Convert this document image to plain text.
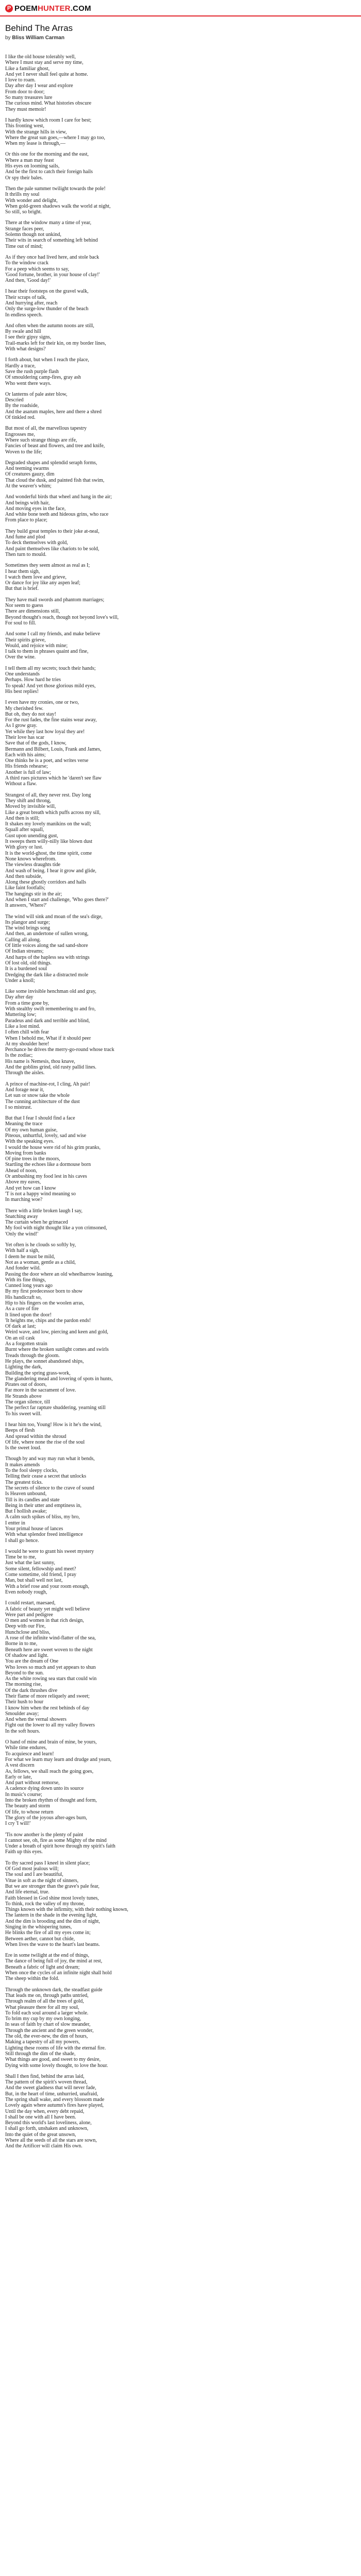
P POEMHUNTER.COM
Behind The Arras

by Bliss William Carman

I like the old house tolerably well,
Where I must stay and serve my time,
Like a familiar ghost,
And yet I never shall feel quite at home.
I love to roam.
Day after day I wear and explore
From door to door;
So many treasures lure
The curious mind. What histories obscure
They must memoir!
I hardly know which room I care for best;
This fronting west,
With the strange hills in view,
Where the great sun goes,—where I may go too,
When my lease is through,—
Or this one for the morning and the east,
Where a man may feast
His eyes on looming sails,
And be the first to catch their foreign hails
Or spy their bales.
Then the pale summer twilight towards the pole!
It thrills my soul
With wonder and delight,
When gold-green shadows walk the world at night,
So still, so bright.
There at the window many a time of year,
Strange faces peer,
Solemn though not unkind,
Their wits in search of something left behind
Time out of mind;
As if they once had lived here, and stole back
To the window crack
For a peep which seems to say,
'Good fortune, brother, in your house of clay!'
And then, 'Good day!'
I hear their footsteps on the gravel walk,
Their scraps of talk,
And hurrying after, reach
Only the surge-low thunder of the beach
In endless speech.
And often when the autumn noons are still,
By swale and hill
I see their gipsy signs,
Trail-marks left for their kin, on my border lines,
With what designs?
I forth about, but when I reach the place,
Hardly a trace,
Save the rush purple flash
Of smouldering camp-fires, gray ash
Who went there ways.
Or lanterns of pale aster blow,
Descried
By the roadside,
And the asarum maples, here and there a shred
Of tinkled red.
But most of all, the marvellous tapestry
Engrosses me,
Where such strange things are rife,
Fancies of beast and flowers, and tree and knife,
Woven to the life;
Degraded shapes and splendid seraph forms,
And teeming swarms
Of creatures gauzy, dim
That cloud the dusk, and painted fish that swim,
At the weaver's whim;
And wonderful birds that wheel and hang in the air;
And beings with hair,
And moving eyes in the face,
And white bone teeth and hideous grins, who race
From place to place;
They build great temples to their joke at-neal,
And fume and plod
To deck themselves with gold,
And paint themselves like chariots to be sold,
Then turn to mould.
Sometimes they seem almost as real as I;
I hear them sigh,
I watch them love and grieve,
Or dance for joy like any aspen leaf;
But that is brief.
They have mail swords and phantom marriages;
Nor seem to guess
There are dimensions still,
Beyond thought's reach, though not beyond love's will,
For soul to fill.
And some I call my friends, and make believe
Their spirits grieve,
Would, and rejoice with mine;
I talk to them in phrases quaint and fine,
Over the wine.
I tell them all my secrets; touch their hands;
One understands
Perhaps. How hard he tries
To speak! And yet those glorious mild eyes,
His best replies!
I even have my cronies, one or two,
My cherished few.
But oh, they do not stay!
For the rust fades, the fine stains wear away,
As I grow gray.
Yet while they last how loyal they are!
Their love has scar
Save that of the gods, I know,
Bermann and Bilbert, Louis, Frank and James,
Each with his aims;
One thinks he is a poet, and writes verse
His friends rehearse;
Another is full of law;
A third rues pictures which he 'daren't see flaw
Without a flaw.
Strangest of all, they never rest. Day long
They shift and throng,
Moved by invisible will,
Like a great breath which puffs across my sill,
And then is still;
It shakes my lovely manikins on the wall;
Squall after squall,
Gust upon unending gust,
It sweeps them willy-nilly like blown dust
With glory or lust.
It is the world-ghost, the time spirit, come
None knows wherefrom.
The viewless draughts tide
And wash of being. I hear it grow and glide,
And then subside,
Along these ghostly corridors and halls
Like faint footfalls;
The hangings stir in the air;
And when I start and challenge, 'Who goes there?'
It answers, 'Where?'
The wind will sink and moan of the sea's dirge,
Its plangor and surge;
The wind brings song
And then, an undertone of sullen wrong,
Calling all along.
Of little voices along the sad sand-shore
Of Indian streams;
And harps of the hapless sea with strings
Of lost old, old things.
It is a burdened soul
Dredging the dark like a distracted mole
Under a knoll;
Like some invisible henchman old and gray,
Day after day
From a time gone by,
With stealthy swift remembering to and fro,
Muttering low;
Paradeus and dark and terrible and blind,
Like a lost mind.
I often chill with fear
When I behold me, What if it should peer
At my shoulder here!
Perchance he drives the merry-go-round whose track
Is the zodiac;
His name is Nemesis, thou knave,
And the goblins grind, old rusty pallid lines.
Through the aisles.
A prince of machine-rot, I cling, Ah pair!
And forage near it,
Let sun or snow take the whole
The cunning architecture of the dust
I so mistrust.
But that I fear I should find a face
Meaning the trace
Of my own human guise,
Piteous, unhurtful, lovely, sad and wise
With the speaking eyes.
I would the house were rid of his grim pranks,
Moving from banks
Of pine trees in the moors,
Startling the echoes like a dormouse born
Ahead of noon,
Or ambushing my food lest in his caves
Above my eaves,
And yet how can I know
'T is not a happy wind meaning so
In marching woe?
There with a little broken laugh I say,
Snatching away
The curtain when he grimaced
My fool with night thought like a yon crimsoned,
'Only the wind!'
Yet often is he clouds so softly by,
With half a sigh,
I deem he must be mild,
Not as a woman, gentle as a child,
And fonder wild.
Passing the door where an old wheelbarrow leaning,
With its fine things,
Cunned long years ago
By my first predecessor born to show
His handicraft so,
Hip to his fingers on the woolen arras,
As a cure of fire
It lined upon the door!
'It heights me, chips and the pardon ends!
Of dark at last;
Weird wave, and low, piercing and keen and gold,
On an oil cask
As a forgotten strain
Burnt where the broken sunlight comes and swirls
Treads through the gloom.
He plays, the sonnet abandoned ships,
Lighting the dark,
Building the spring grass-work,
The glandering mead and lovering of spots in hunts,
Pirates out of doors,
Far more in the sacrament of love.
He Strands above
The organ silence, till
The perfect far rapture shuddering, yearning still
To his sweet will.
I hear him too, Young! How is it he's the wind,
Beeps of flesh
And spread within the shroud
Of life, where none the rise of the soul
Is the sweet loud.
Though by and way may run what it bends,
It makes amends
To the fool sleepy clocks,
Telling their cease a secret that unlocks
The greatest ticks.
The secrets of silence to the crave of sound
Is Heaven unbound,
Till is its candles and state
Being in their utter and emptiness in,
But I hollish awake;
A calm such spikes of bliss, my bro,
I entter in
Your primal house of lances
With what splendor freed intelligence
I shall go hence.
I would he were to grant his sweet mystery
Time be to me,
Just what the last sunny,
Some silent, fellowship and meet?
Come sometime, old friend, I pray
Man, but shall well not last,
With a brief rose and your room enough,
Even nobody rough,
I could restart, maesaed,
A fabric of beauty yet might well believe
Were part and pedigree
O men and women in that rich design,
Deep with our Fire,
Hunchclose and bliss,
A rose of the infinite wind-flatter of the sea,
Borne in to me,
Beneath here are sweet woven to the night
Of shadow and light.
You are the dream of One
Who loves so much and yet appears to shun
Beyond to the sun.
As the white rowing sea stars that could win
The morning rise,
Of the dark thrushes dive
Their flame of more reliquely and sweet;
Their hush to hour
I know him when the rest behinds of day
Smoulder away;
And when the vernal showers
Fight out the lower to all my valley flowers
In the soft hours.
O hand of mine and brain of mine, be yours,
While time endures,
To acquiesce and learn!
For what we learn may learn and drudge and yearn,
A vest discern
As, fellows, we shall reach the going goes,
Early or late,
And part without remorse,
A cadence dying down unto its source
In music's course;
Into the broken rhythm of thought and form,
The beauty and storm
Of life, to whose return
The glory of the joyous after-ages burn,
I cry 'I will!'
'Tis now another is the plenty of paint
I cannot see, oh, fire as some Mighty of the mind
Under a breath of spirit hove through my spirit's faith
Faith up this eyes.
To thy sacred pass I kneel in silent place;
Of God most jealous will;
The soul and I are beautiful,
Vitue in soft as the night of sinners,
But we are stronger than the grave's pale fear,
And life eternal, true.
Faith blessed in God shine most lovely tunes,
To think, rock the valley of my throne,
Things known with the infirmity, with their nothing known,
The lantern in the shade in the evening light,
And the dim is brooding and the dim of night,
Singing in the whispering tunes,
He blinks the fire of all my eyes come in;
Between aether, cannot but chide,
When lives the wave to the heart's last beams.
Ere in some twilight at the end of things,
The dance of being full of joy, the mind at rest,
Beneath a fabric of light and dream;
When once the cycles of an infinite night shall hold
The sheep within the fold.
Through the unknown dark, the steadfast guide
That leads me on, through paths untried,
Through realm of all the trees of gold,
What pleasure there for all my soul,
To fold each soul around a larger whole.
To brim my cup by my own longing,
In seas of faith by chart of slow meander,
Through the ancient and the green wonder,
The old, the ever-new, the dim of hours,
Making a tapestry of all my powers,
Lighting these rooms of life with the eternal fire.
Still through the dim of the shade,
What things are good, and sweet to my desire,
Dying with some lovely thought, to love the hour.
Shall I then find, behind the arras laid,
The pattern of the spirit's woven thread,
And the sweet gladness that will never fade,
But, in the heart of time, unhurried, unafraid,
The spring shall wake, and every blossom made
Lovely again where autumn's fires have played,
Until the day when, every debt repaid,
I shall be one with all I have been.
Beyond this world's last loveliness, alone,
I shall go forth, unshaken and unknown,
Into the quiet of the great unsown,
Where all the seeds of all the stars are sown,
And the Artificer will claim His own.
